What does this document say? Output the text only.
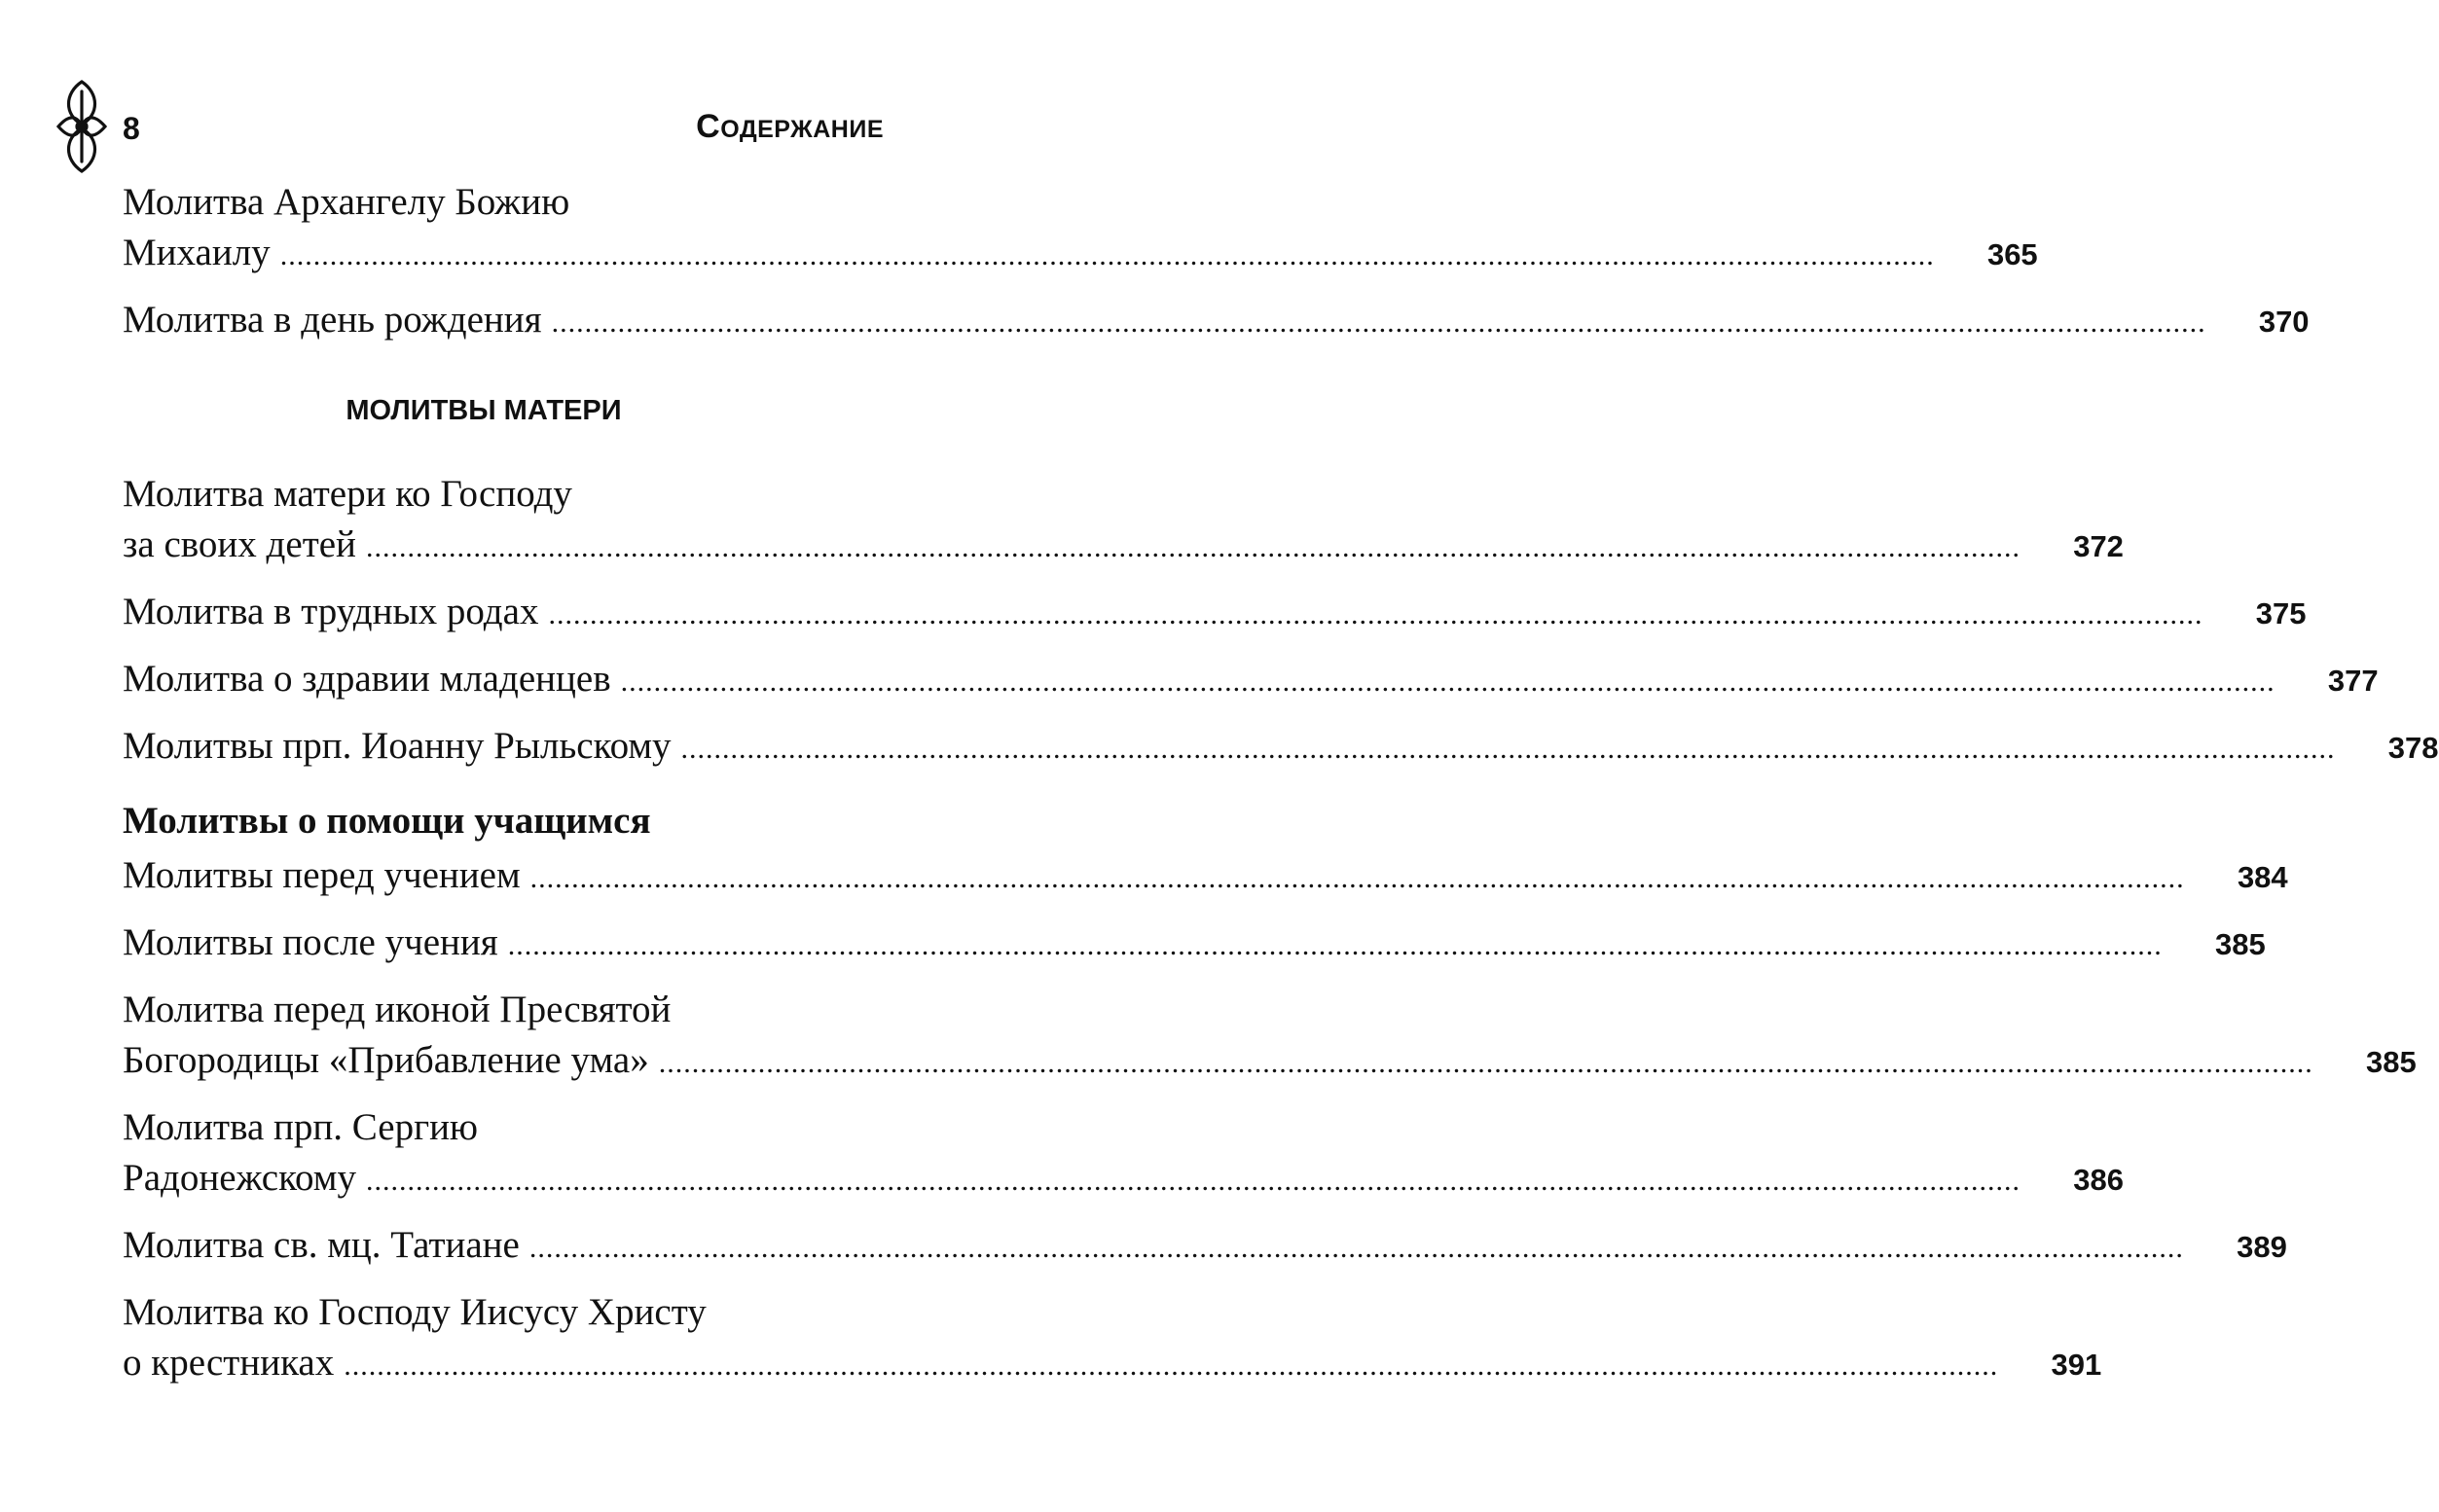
8	СОДЕРЖАНИЕ
Молитва Архангелу Божию
Михаилу ........................................................................................................................................................................................................	365
Молитва в день рождения ........................................................................................................................................................................................................	370
МОЛИТВЫ МАТЕРИ
Молитва матери ко Господу
за своих детей ........................................................................................................................................................................................................	372
Молитва в трудных родах ........................................................................................................................................................................................................	375
Молитва о здравии младенцев ........................................................................................................................................................................................................	377
Молитвы прп. Иоанну Рыльскому ........................................................................................................................................................................................................	378
Молитвы о помощи учащимся
Молитвы перед учением ........................................................................................................................................................................................................	384
Молитвы после учения ........................................................................................................................................................................................................	385
Молитва перед иконой Пресвятой
Богородицы «Прибавление ума» ........................................................................................................................................................................................................	385
Молитва прп. Сергию
Радонежскому ........................................................................................................................................................................................................	386
Молитва св. мц. Татиане ........................................................................................................................................................................................................	389
Молитва ко Господу Иисусу Христу
о крестниках ........................................................................................................................................................................................................	391
